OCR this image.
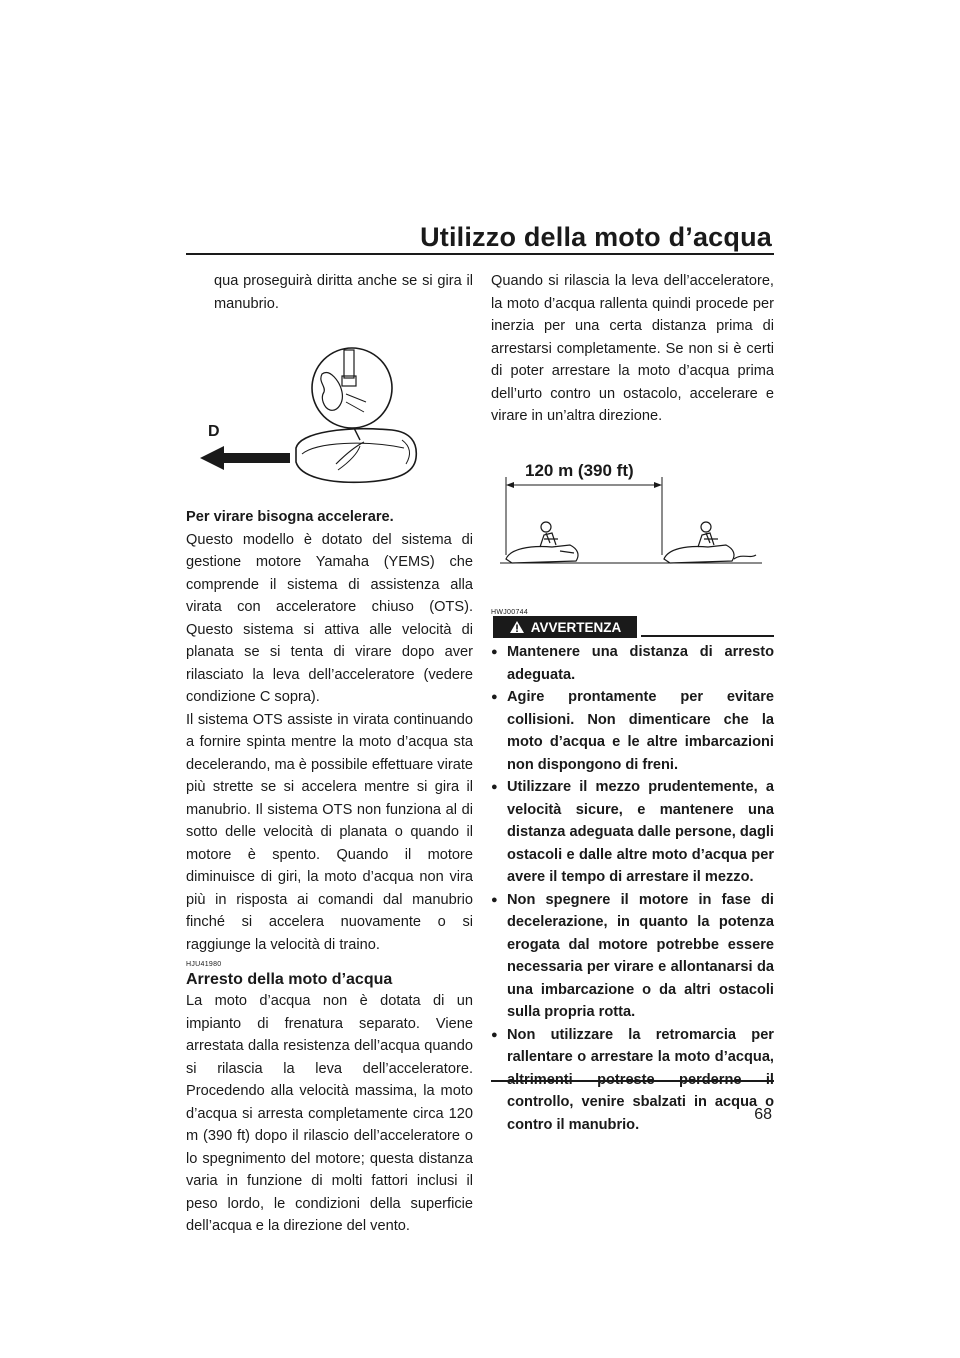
Utilizzo della moto d’acqua

qua proseguirà diritta anche se si gira il manubrio.

D

Per virare bisogna accelerare.

Questo modello è dotato del sistema di gestione motore Yamaha (YEMS) che comprende il sistema di assistenza alla virata con acceleratore chiuso (OTS). Questo sistema si attiva alle velocità di planata se si tenta di virare dopo aver rilasciato la leva dell’acceleratore (vedere condizione C sopra).

Il sistema OTS assiste in virata continuando a fornire spinta mentre la moto d’acqua sta decelerando, ma è possibile effettuare virate più strette se si accelera mentre si gira il manubrio. Il sistema OTS non funziona al di sotto delle velocità di planata o quando il motore è spento. Quando il motore diminuisce di giri, la moto d’acqua non vira più in risposta ai comandi dal manubrio finché si accelera nuovamente o si raggiunge la velocità di traino.

HJU41980

Arresto della moto d’acqua

La moto d’acqua non è dotata di un impianto di frenatura separato. Viene arrestata dalla resistenza dell’acqua quando si rilascia la leva dell’acceleratore. Procedendo alla velocità massima, la moto d’acqua si arresta completamente circa 120 m (390 ft) dopo il rilascio dell’acceleratore o lo spegnimento del motore; questa distanza varia in funzione di molti fattori inclusi il peso lordo, le condizioni della superficie dell’acqua e la direzione del vento.

Quando si rilascia la leva dell’acceleratore, la moto d’acqua rallenta quindi procede per inerzia per una certa distanza prima di arrestarsi completamente. Se non si è certi di poter arrestare la moto d’acqua prima dell’urto contro un ostacolo, accelerare e virare in un’altra direzione.

120 m (390 ft)
HWJ00744
AVVERTENZA
● Mantenere una distanza di arresto adeguata.
● Agire prontamente per evitare collisioni. Non dimenticare che la moto d’acqua e le altre imbarcazioni non dispongono di freni.
● Utilizzare il mezzo prudentemente, a velocità sicure, e mantenere una distanza adeguata dalle persone, dagli ostacoli e dalle altre moto d’acqua per avere il tempo di arrestare il mezzo.
● Non spegnere il motore in fase di decelerazione, in quanto la potenza erogata dal motore potrebbe essere necessaria per virare e allontanarsi da una imbarcazione o da altri ostacoli sulla propria rotta.
● Non utilizzare la retromarcia per rallentare o arrestare la moto d’acqua, controllo, venire sbalzati in acqua o contro il manubrio.
68
